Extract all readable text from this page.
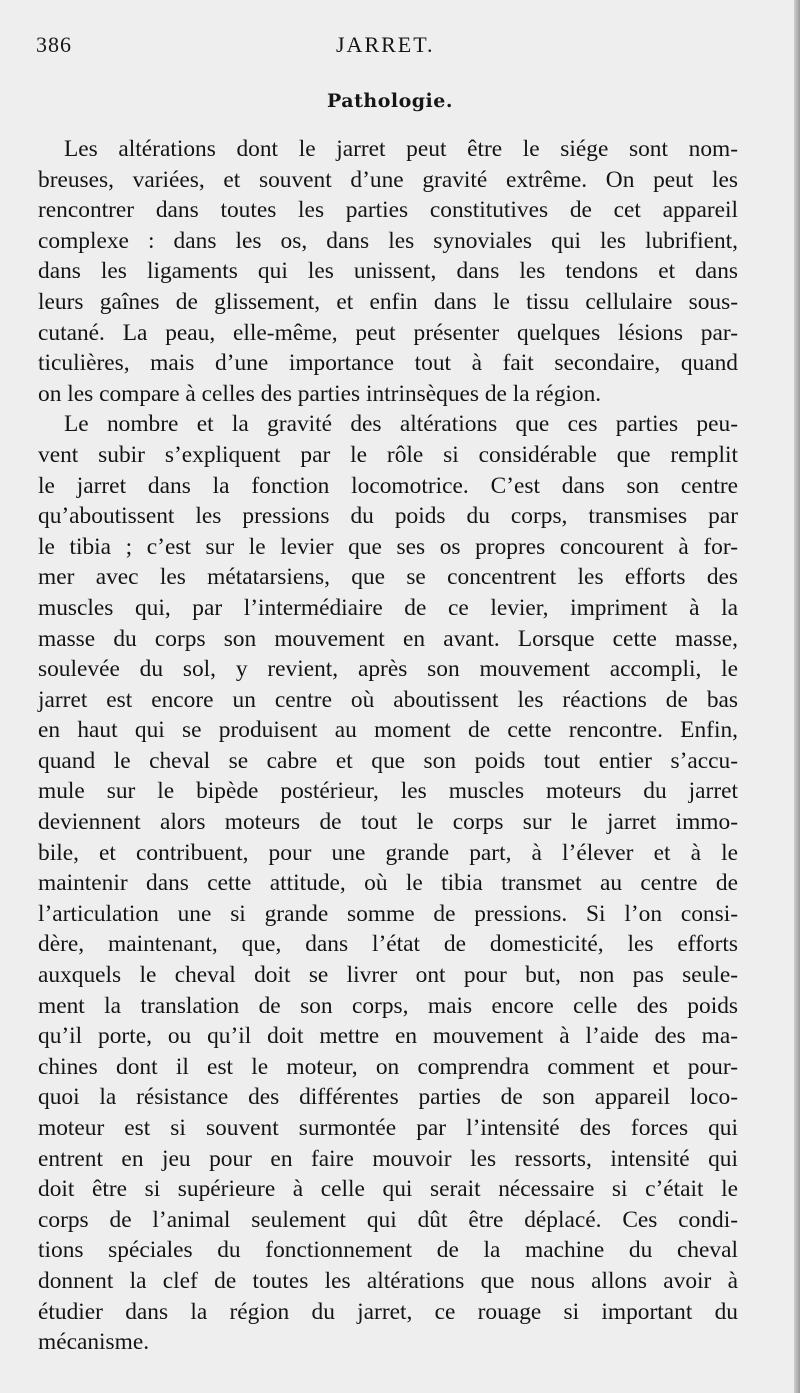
386	JARRET.
Pathologie.
Les altérations dont le jarret peut être le siége sont nom-
breuses, variées, et souvent d’une gravité extrême. On peut les
rencontrer dans toutes les parties constitutives de cet appareil
complexe : dans les os, dans les synoviales qui les lubrifient,
dans les ligaments qui les unissent, dans les tendons et dans
leurs gaînes de glissement, et enfin dans le tissu cellulaire sous-
cutané. La peau, elle-même, peut présenter quelques lésions par-
ticulières, mais d’une importance tout à fait secondaire, quand
on les compare à celles des parties intrinsèques de la région.
Le nombre et la gravité des altérations que ces parties peu-
vent subir s’expliquent par le rôle si considérable que remplit
le jarret dans la fonction locomotrice. C’est dans son centre
qu’aboutissent les pressions du poids du corps, transmises par
le tibia ; c’est sur le levier que ses os propres concourent à for-
mer avec les métatarsiens, que se concentrent les efforts des
muscles qui, par l’intermédiaire de ce levier, impriment à la
masse du corps son mouvement en avant. Lorsque cette masse,
soulevée du sol, y revient, après son mouvement accompli, le
jarret est encore un centre où aboutissent les réactions de bas
en haut qui se produisent au moment de cette rencontre. Enfin,
quand le cheval se cabre et que son poids tout entier s’accu-
mule sur le bipède postérieur, les muscles moteurs du jarret
deviennent alors moteurs de tout le corps sur le jarret immo-
bile, et contribuent, pour une grande part, à l’élever et à le
maintenir dans cette attitude, où le tibia transmet au centre de
l’articulation une si grande somme de pressions. Si l’on consi-
dère, maintenant, que, dans l’état de domesticité, les efforts
auxquels le cheval doit se livrer ont pour but, non pas seule-
ment la translation de son corps, mais encore celle des poids
qu’il porte, ou qu’il doit mettre en mouvement à l’aide des ma-
chines dont il est le moteur, on comprendra comment et pour-
quoi la résistance des différentes parties de son appareil loco-
moteur est si souvent surmontée par l’intensité des forces qui
entrent en jeu pour en faire mouvoir les ressorts, intensité qui
doit être si supérieure à celle qui serait nécessaire si c’était le
corps de l’animal seulement qui dût être déplacé. Ces condi-
tions spéciales du fonctionnement de la machine du cheval
donnent la clef de toutes les altérations que nous allons avoir à
étudier dans la région du jarret, ce rouage si important du
mécanisme.
